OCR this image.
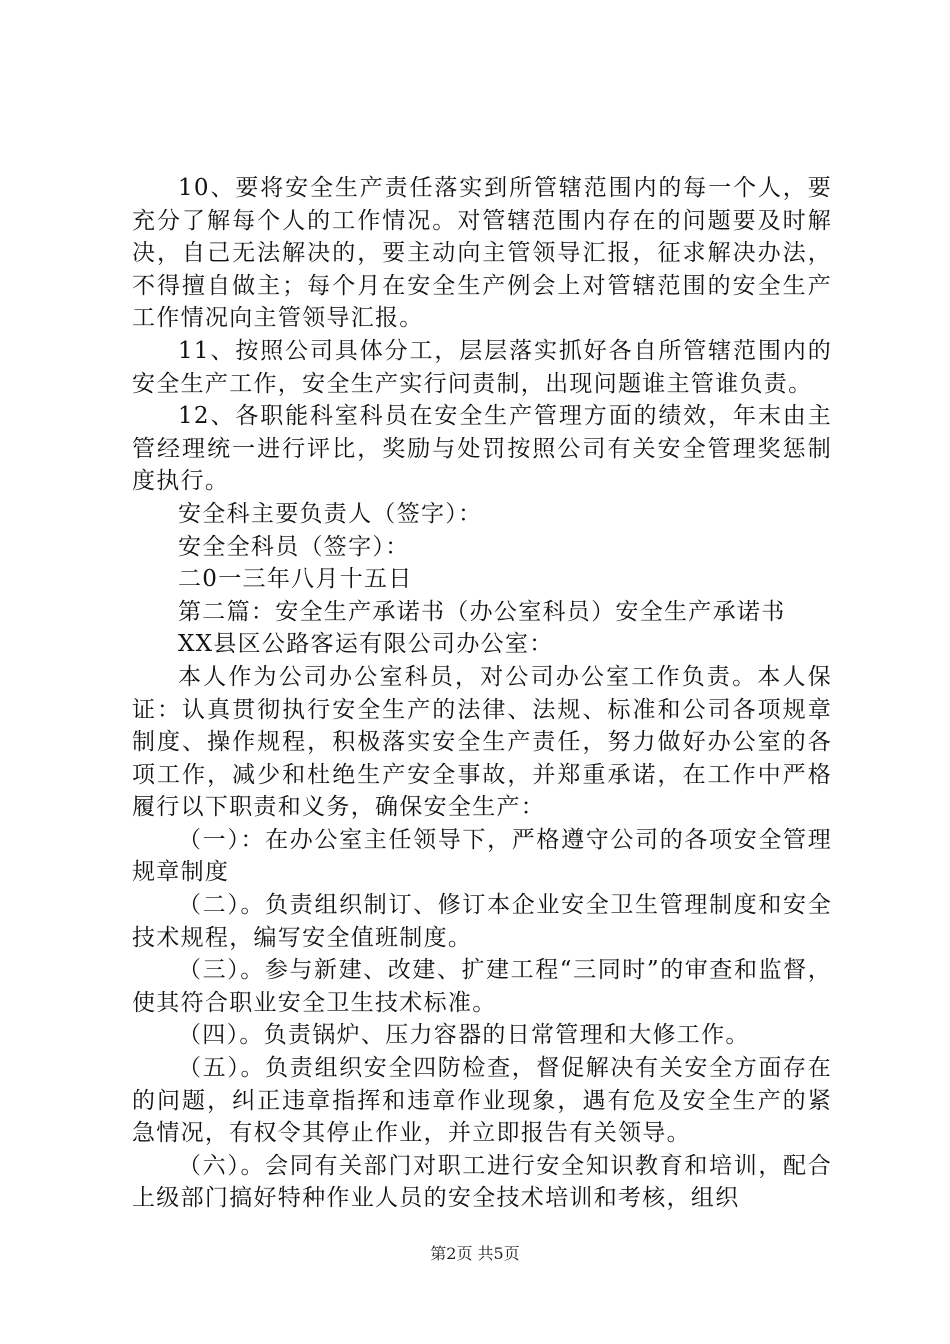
10、要将安全生产责任落实到所管辖范围内的每一个人，要充分了解每个人的工作情况。对管辖范围内存在的问题要及时解决，自己无法解决的，要主动向主管领导汇报，征求解决办法，不得擅自做主；每个月在安全生产例会上对管辖范围的安全生产工作情况向主管领导汇报。

11、按照公司具体分工，层层落实抓好各自所管辖范围内的安全生产工作，安全生产实行问责制，出现问题谁主管谁负责。

12、各职能科室科员在安全生产管理方面的绩效，年末由主管经理统一进行评比，奖励与处罚按照公司有关安全管理奖惩制度执行。

安全科主要负责人（签字）：

安全全科员（签字）：

二0一三年八月十五日

第二篇：安全生产承诺书（办公室科员）安全生产承诺书

XX县区公路客运有限公司办公室：

本人作为公司办公室科员，对公司办公室工作负责。本人保证：认真贯彻执行安全生产的法律、法规、标准和公司各项规章制度、操作规程，积极落实安全生产责任，努力做好办公室的各项工作，减少和杜绝生产安全事故，并郑重承诺，在工作中严格履行以下职责和义务，确保安全生产：

（一）：在办公室主任领导下，严格遵守公司的各项安全管理规章制度

（二）。负责组织制订、修订本企业安全卫生管理制度和安全技术规程，编写安全值班制度。

（三）。参与新建、改建、扩建工程“三同时”的审查和监督，使其符合职业安全卫生技术标准。

（四）。负责锅炉、压力容器的日常管理和大修工作。

（五）。负责组织安全四防检查，督促解决有关安全方面存在的问题，纠正违章指挥和违章作业现象，遇有危及安全生产的紧急情况，有权令其停止作业，并立即报告有关领导。

（六）。会同有关部门对职工进行安全知识教育和培训，配合上级部门搞好特种作业人员的安全技术培训和考核，组织

第2页 共5页
